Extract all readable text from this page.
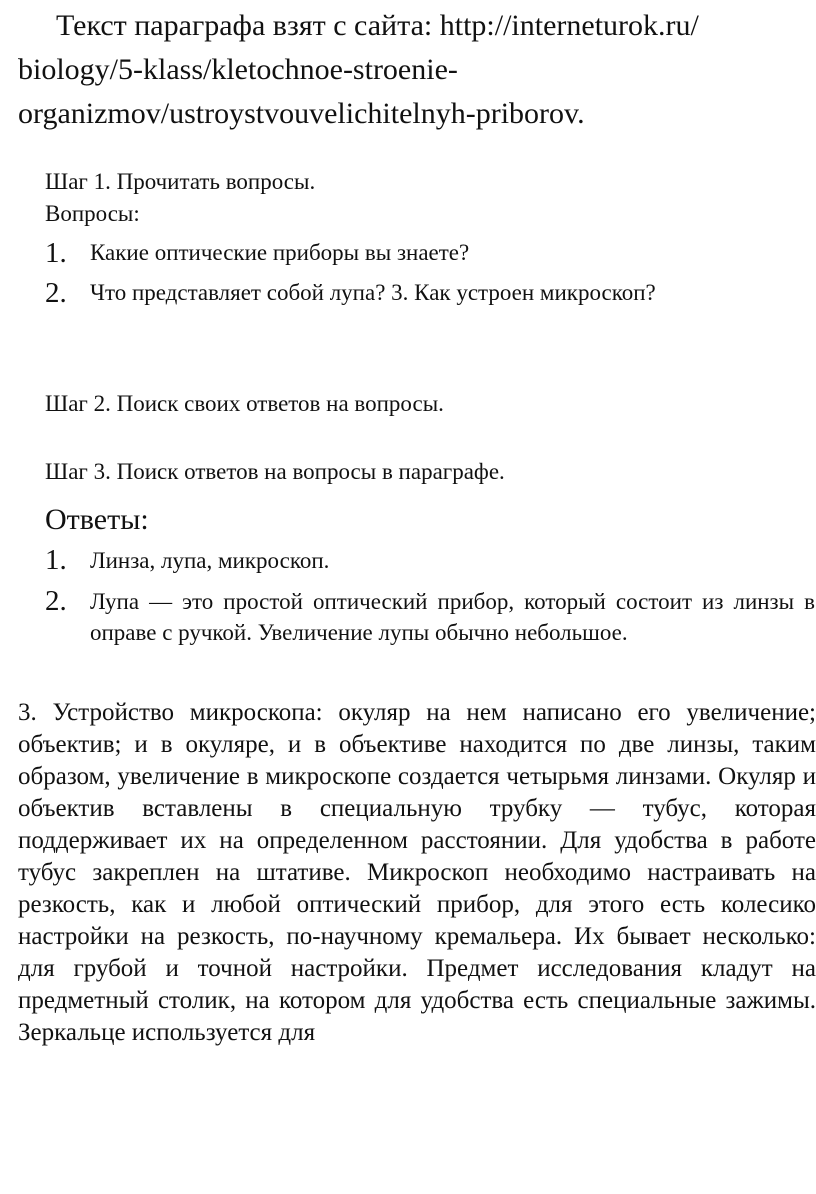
Текст параграфа взят с сайта: http://interneturok.ru/ biology/5-klass/kletochnoe-stroenie- organizmov/ustroystvouvelichitelnyh-priborov.

Шаг 1. Прочитать вопросы.

Вопросы:

1. Какие оптические приборы вы знаете?
2. Что представляет собой лупа? 3. Как устроен микроскоп?

Шаг 2. Поиск своих ответов на вопросы.

Шаг 3. Поиск ответов на вопросы в параграфе.

Ответы:

1. Линза, лупа, микроскоп.
2. Лупа — это простой оптический прибор, который состоит из линзы в оправе с ручкой. Увеличение лупы обычно небольшое.

3. Устройство микроскопа: окуляр на нем написано его увеличение; объектив; и в окуляре, и в объективе находится по две линзы, таким образом, увеличение в микроскопе создается четырьмя линзами. Окуляр и объектив вставлены в специальную трубку — тубус, которая поддерживает их на определенном расстоянии. Для удобства в работе тубус закреплен на штативе. Микроскоп необходимо настраивать на резкость, как и любой оптический прибор, для этого есть колесико настройки на резкость, по-научному кремальера. Их бывает несколько: для грубой и точной настройки. Предмет исследования кладут на предметный столик, на котором для удобства есть специальные зажимы. Зеркальце используется для
